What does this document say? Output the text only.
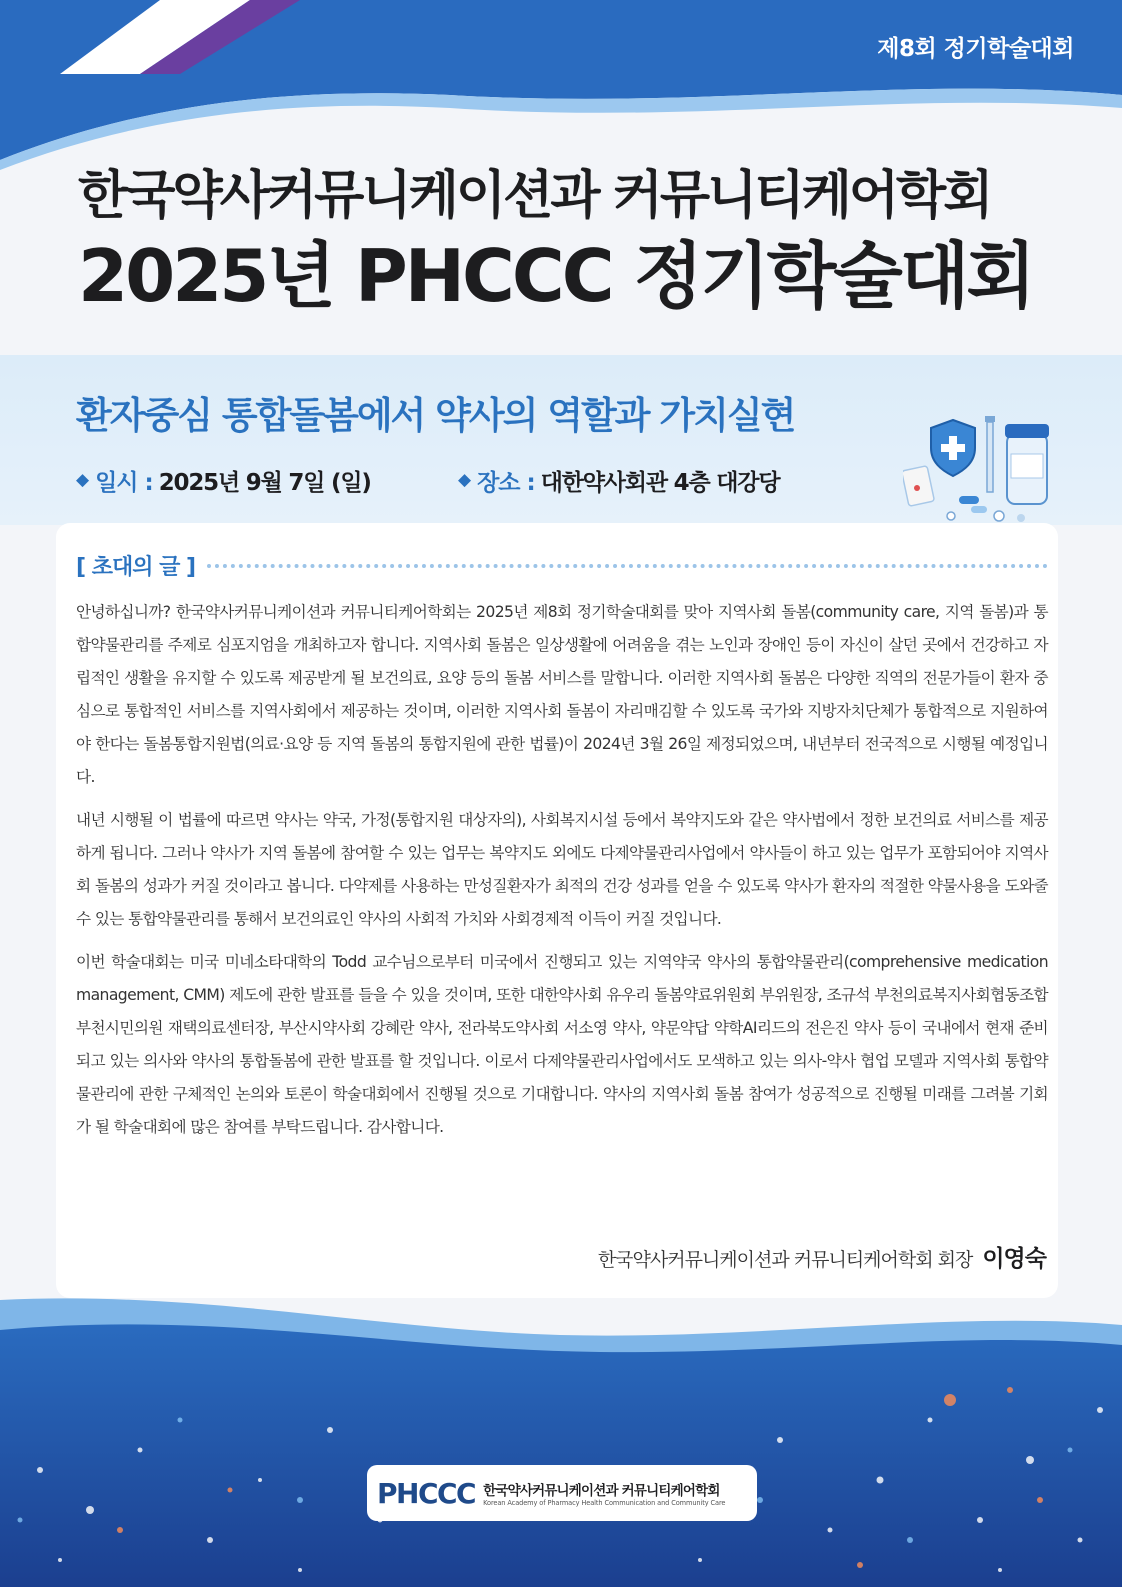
제8회 정기학술대회
한국약사커뮤니케이션과 커뮤니티케어학회
2025년 PHCCC 정기학술대회
환자중심 통합돌봄에서 약사의 역할과 가치실현
◆ 일시 : 2025년 9월 7일 (일)	◆ 장소 : 대한약사회관 4층 대강당
[ 초대의 글 ]

안녕하십니까? 한국약사커뮤니케이션과 커뮤니티케어학회는 2025년 제8회 정기학술대회를 맞아 지역사회 돌봄(community care, 지역 돌봄)과 통합약물관리를 주제로 심포지엄을 개최하고자 합니다. 지역사회 돌봄은 일상생활에 어려움을 겪는 노인과 장애인 등이 자신이 살던 곳에서 건강하고 자립적인 생활을 유지할 수 있도록 제공받게 될 보건의료, 요양 등의 돌봄 서비스를 말합니다. 이러한 지역사회 돌봄은 다양한 직역의 전문가들이 환자 중심으로 통합적인 서비스를 지역사회에서 제공하는 것이며, 이러한 지역사회 돌봄이 자리매김할 수 있도록 국가와 지방자치단체가 통합적으로 지원하여야 한다는 돌봄통합지원법(의료·요양 등 지역 돌봄의 통합지원에 관한 법률)이 2024년 3월 26일 제정되었으며, 내년부터 전국적으로 시행될 예정입니다.

내년 시행될 이 법률에 따르면 약사는 약국, 가정(통합지원 대상자의), 사회복지시설 등에서 복약지도와 같은 약사법에서 정한 보건의료 서비스를 제공하게 됩니다. 그러나 약사가 지역 돌봄에 참여할 수 있는 업무는 복약지도 외에도 다제약물관리사업에서 약사들이 하고 있는 업무가 포함되어야 지역사회 돌봄의 성과가 커질 것이라고 봅니다. 다약제를 사용하는 만성질환자가 최적의 건강 성과를 얻을 수 있도록 약사가 환자의 적절한 약물사용을 도와줄 수 있는 통합약물관리를 통해서 보건의료인 약사의 사회적 가치와 사회경제적 이득이 커질 것입니다.

이번 학술대회는 미국 미네소타대학의 Todd 교수님으로부터 미국에서 진행되고 있는 지역약국 약사의 통합약물관리(comprehensive medication management, CMM) 제도에 관한 발표를 들을 수 있을 것이며, 또한 대한약사회 유우리 돌봄약료위원회 부위원장, 조규석 부천의료복지사회협동조합 부천시민의원 재택의료센터장, 부산시약사회 강혜란 약사, 전라북도약사회 서소영 약사, 약문약답 약학AI리드의 전은진 약사 등이 국내에서 현재 준비되고 있는 의사와 약사의 통합돌봄에 관한 발표를 할 것입니다. 이로서 다제약물관리사업에서도 모색하고 있는 의사-약사 협업 모델과 지역사회 통합약물관리에 관한 구체적인 논의와 토론이 학술대회에서 진행될 것으로 기대합니다. 약사의 지역사회 돌봄 참여가 성공적으로 진행될 미래를 그려볼 기회가 될 학술대회에 많은 참여를 부탁드립니다. 감사합니다.

한국약사커뮤니케이션과 커뮤니티케어학회 회장 이영숙
PHCCC 한국약사커뮤니케이션과 커뮤니티케어학회
Korean Academy of Pharmacy Health Communication and Community Care
